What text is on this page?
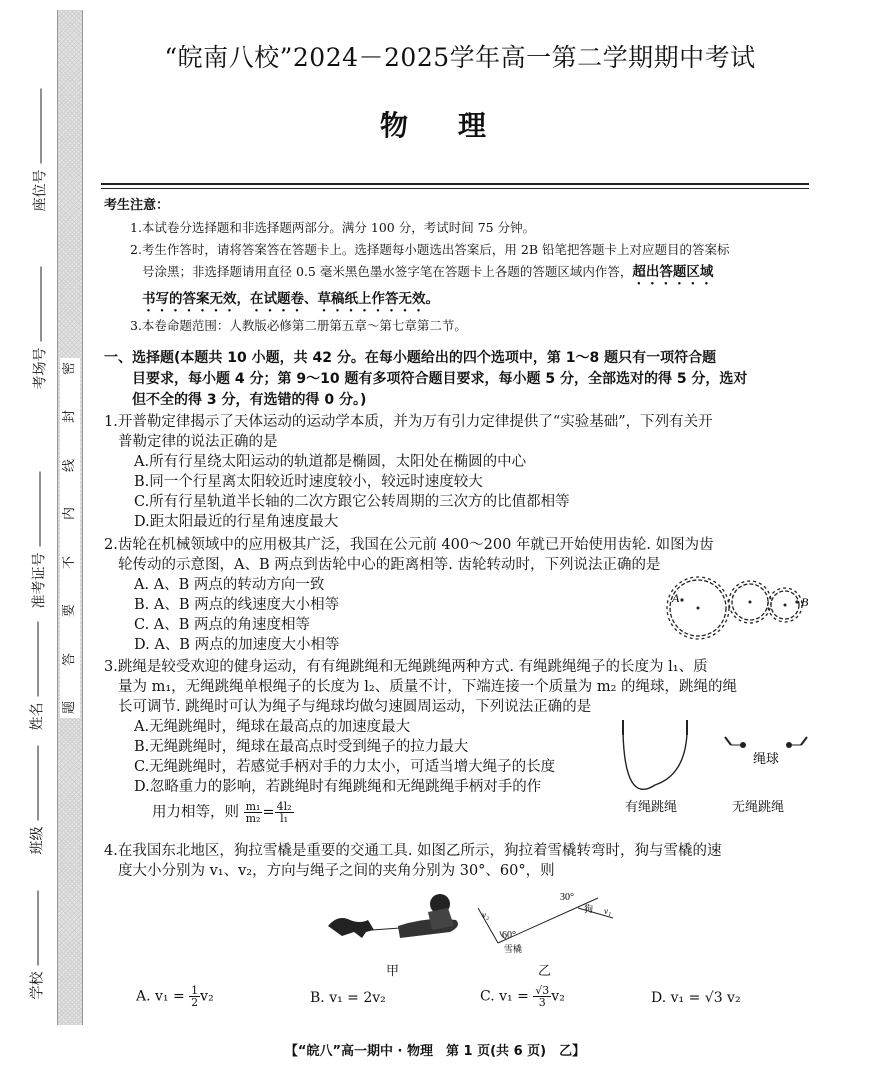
密
封
线
内
不
要
答
题
座位号
考场号
准考证号
姓名
班级
学校
“皖南八校”2024－2025学年高一第二学期期中考试
物理

考生注意：

1.本试卷分选择题和非选择题两部分。满分 100 分，考试时间 75 分钟。

2.考生作答时，请将答案答在答题卡上。选择题每小题选出答案后，用 2B 铅笔把答题卡上对应题目的答案标

号涂黑；非选择题请用直径 0.5 毫米黑色墨水签字笔在答题卡上各题的答题区域内作答，超出答题区域

书写的答案无效，在试题卷、草稿纸上作答无效。

3.本卷命题范围：人教版必修第二册第五章～第七章第二节。

一、选择题(本题共 10 小题，共 42 分。在每小题给出的四个选项中，第 1～8 题只有一项符合题
目要求，每小题 4 分；第 9～10 题有多项符合题目要求，每小题 5 分，全部选对的得 5 分，选对
但不全的得 3 分，有选错的得 0 分。)

1.开普勒定律揭示了天体运动的运动学本质，并为万有引力定律提供了“实验基础”，下列有关开

普勒定律的说法正确的是

A.所有行星绕太阳运动的轨道都是椭圆，太阳处在椭圆的中心

B.同一个行星离太阳较近时速度较小，较远时速度较大

C.所有行星轨道半长轴的二次方跟它公转周期的三次方的比值都相等

D.距太阳最近的行星角速度最大

2.齿轮在机械领域中的应用极其广泛，我国在公元前 400～200 年就已开始使用齿轮. 如图为齿

轮传动的示意图，A、B 两点到齿轮中心的距离相等. 齿轮转动时，下列说法正确的是

A. A、B 两点的转动方向一致

B. A、B 两点的线速度大小相等

C. A、B 两点的角速度相等

D. A、B 两点的加速度大小相等

A	B

3.跳绳是较受欢迎的健身运动，有有绳跳绳和无绳跳绳两种方式. 有绳跳绳绳子的长度为 l₁、质

量为 m₁，无绳跳绳单根绳子的长度为 l₂、质量不计，下端连接一个质量为 m₂ 的绳球，跳绳的绳

长可调节. 跳绳时可认为绳子与绳球均做匀速圆周运动，下列说法正确的是

A.无绳跳绳时，绳球在最高点的加速度最大

B.无绳跳绳时，绳球在最高点时受到绳子的拉力最大

C.无绳跳绳时，若感觉手柄对手的力太小，可适当增大绳子的长度

D.忽略重力的影响，若跳绳时有绳跳绳和无绳跳绳手柄对手的作

用力相等，则 $\frac{\text{m₁}}{\text{m₂}} = \frac{\text{4l₂}}{\text{l₁}}$

绳球
有绳跳绳	无绳跳绳

4.在我国东北地区，狗拉雪橇是重要的交通工具. 如图乙所示，狗拉着雪橇转弯时，狗与雪橇的速

度大小分别为 v₁、v₂，方向与绳子之间的夹角分别为 30°、60°，则

60°
30°
v₂	v₁
狗
雪橇
甲	乙
A. $v_1 = \frac{1}{2} v_2$	B. v₁ = 2v₂	C. $v_1 = \frac{√3}{3} v_2$	D. v₁ = √3 v₂
【“皖八”高一期中 · 物理　第 1 页(共 6 页)　乙】
